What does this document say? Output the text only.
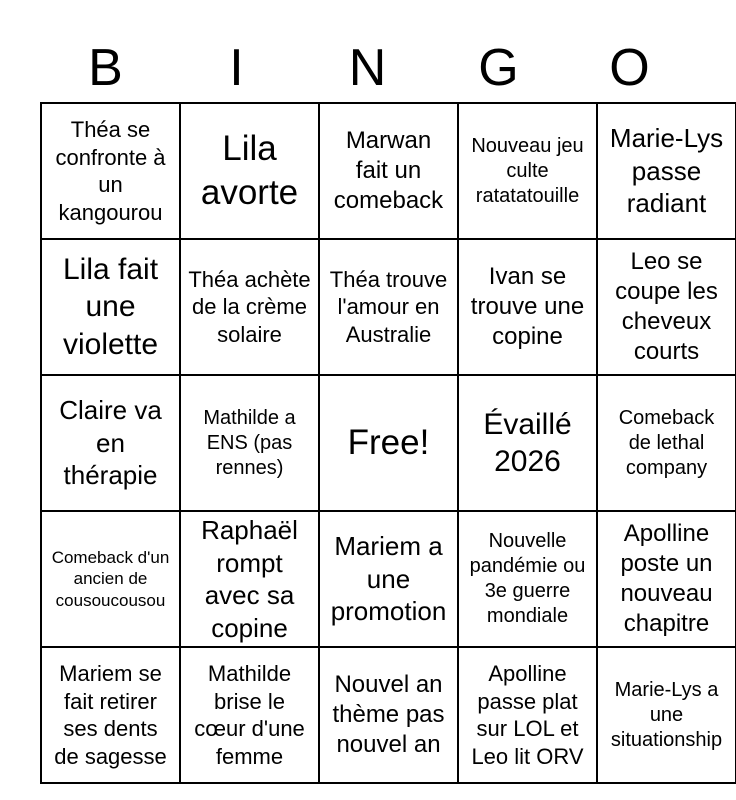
B	I	N	G	O
Théa se confronte à un kangourou	Lila avorte	Marwan fait un comeback	Nouveau jeu culte ratatatouille	Marie-Lys passe radiant
Lila fait une violette	Théa achète de la crème solaire	Théa trouve l'amour en Australie	Ivan se trouve une copine	Leo se coupe les cheveux courts
Claire va en thérapie	Mathilde a ENS (pas rennes)	Free!	Évaillé 2026	Comeback de lethal company
Comeback d'un ancien de cousoucousou	Raphaël rompt avec sa copine	Mariem a une promotion	Nouvelle pandémie ou 3e guerre mondiale	Apolline poste un nouveau chapitre
Mariem se fait retirer ses dents de sagesse	Mathilde brise le cœur d'une femme	Nouvel an thème pas nouvel an	Apolline passe plat sur LOL et Leo lit ORV	Marie-Lys a une situationship
